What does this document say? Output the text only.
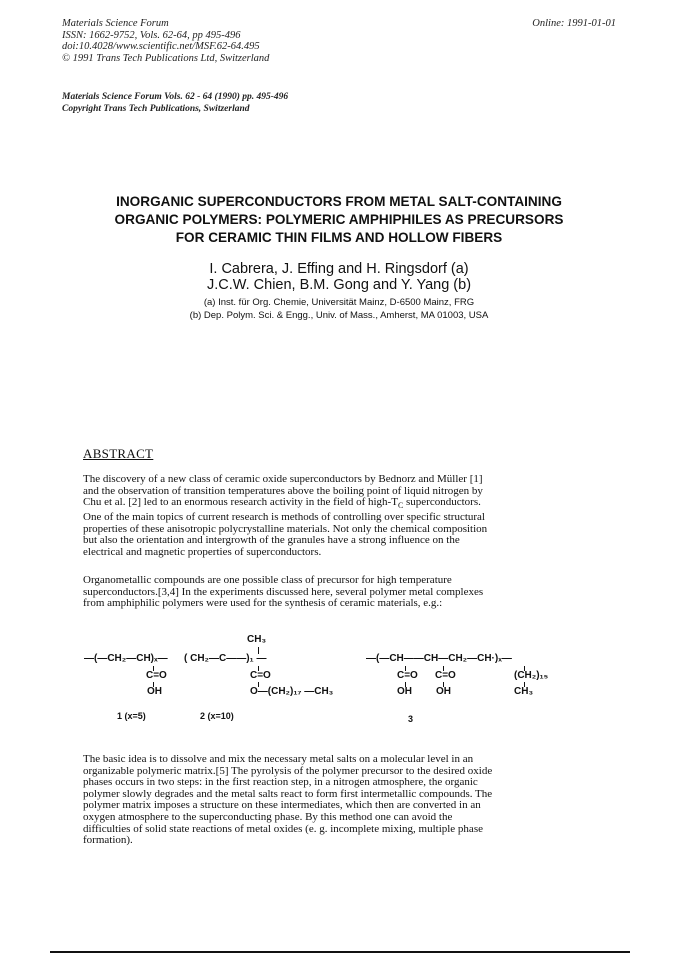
Materials Science Forum
ISSN: 1662-9752, Vols. 62-64, pp 495-496
doi:10.4028/www.scientific.net/MSF.62-64.495
© 1991 Trans Tech Publications Ltd, Switzerland
Online: 1991-01-01
Materials Science Forum Vols. 62 - 64 (1990) pp. 495-496
Copyright Trans Tech Publications, Switzerland
INORGANIC SUPERCONDUCTORS FROM METAL SALT-CONTAINING
ORGANIC POLYMERS: POLYMERIC AMPHIPHILES AS PRECURSORS
FOR CERAMIC THIN FILMS AND HOLLOW FIBERS
I. Cabrera, J. Effing and H. Ringsdorf (a)
J.C.W. Chien, B.M. Gong and Y. Yang (b)
(a) Inst. für Org. Chemie, Universität Mainz, D-6500 Mainz, FRG
(b) Dep. Polym. Sci. & Engg., Univ. of Mass., Amherst, MA 01003, USA
ABSTRACT
The discovery of a new class of ceramic oxide superconductors by Bednorz and Müller [1]
and the observation of transition temperatures above the boiling point of liquid nitrogen by
Chu et al. [2] led to an enormous research activity in the field of high-$T_C$ superconductors.
One of the main topics of current research is methods of controlling over specific structural
properties of these anisotropic polycrystalline materials. Not only the chemical composition
but also the orientation and intergrowth of the granules have a strong influence on the
electrical and magnetic properties of superconductors.
Organometallic compounds are one possible class of precursor for high temperature
superconductors.[3,4] In the experiments discussed here, several polymer metal complexes
from amphiphilic polymers were used for the synthesis of ceramic materials, e.g.:
CH₃
—(—CH₂—CH)ₓ— ( CH₂—C——)₁ —
C=O
OH
C=O
O—(CH₂)₁₇ —CH₃
1 (x=5)	2 (x=10)
—(—CH——CH—CH₂—CH·)ₓ—
C=O C=O
OH OH
(CH₂)₁₅
CH₃
3
The basic idea is to dissolve and mix the necessary metal salts on a molecular level in an
organizable polymeric matrix.[5] The pyrolysis of the polymer precursor to the desired oxide
phases occurs in two steps: in the first reaction step, in a nitrogen atmosphere, the organic
polymer slowly degrades and the metal salts react to form first intermetallic compounds. The
polymer matrix imposes a structure on these intermediates, which then are converted in an
oxygen atmosphere to the superconducting phase. By this method one can avoid the
difficulties of solid state reactions of metal oxides (e. g. incomplete mixing, multiple phase
formation).
